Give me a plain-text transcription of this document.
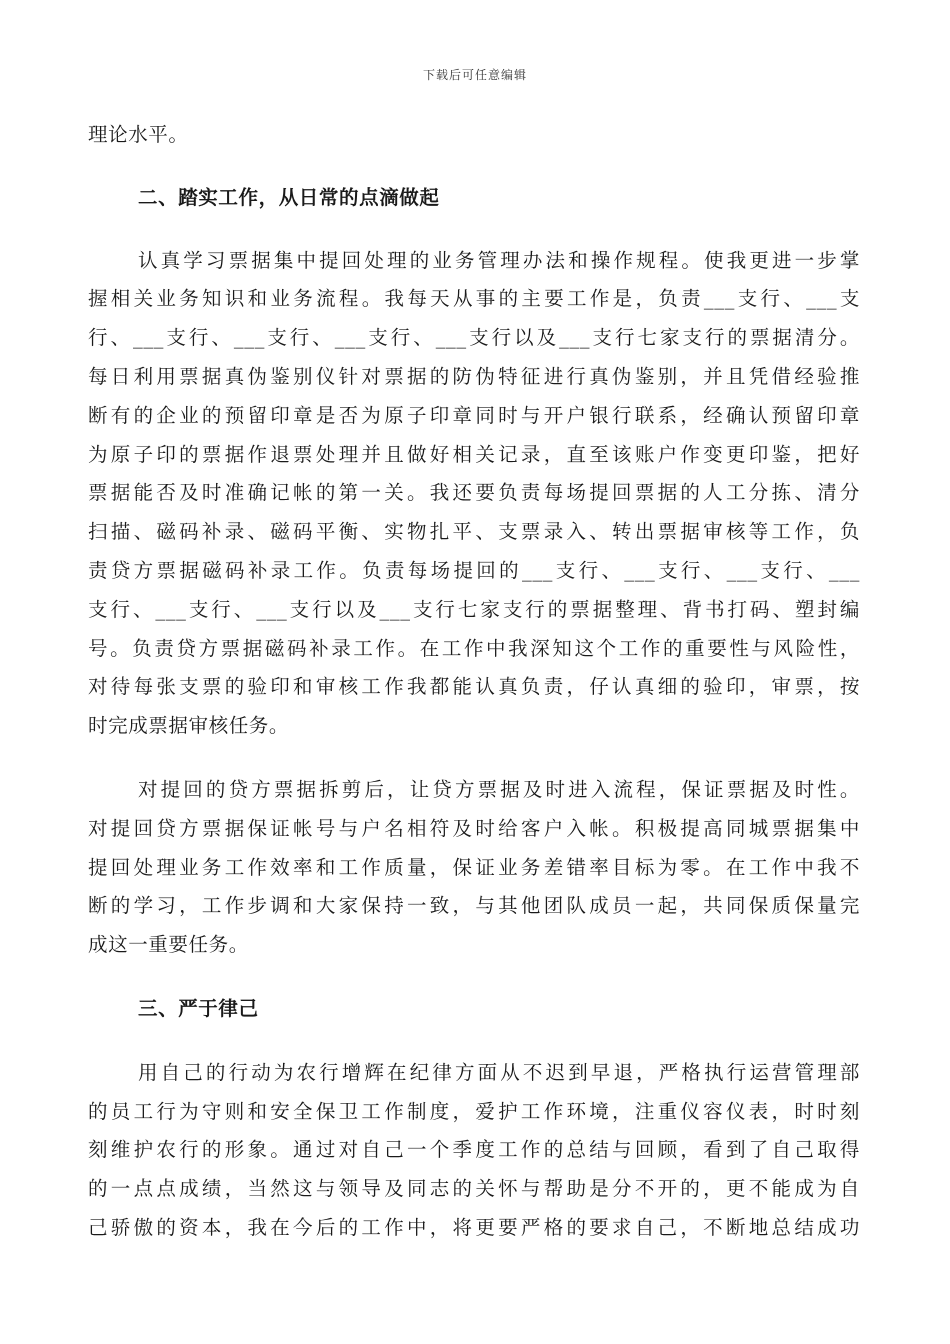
下载后可任意编辑
理论水平。
二、踏实工作，从日常的点滴做起
认真学习票据集中提回处理的业务管理办法和操作规程。使我更进一步掌
握相关业务知识和业务流程。我每天从事的主要工作是，负责___支行、___支
行、___支行、___支行、___支行、___支行以及___支行七家支行的票据清分。
每日利用票据真伪鉴别仪针对票据的防伪特征进行真伪鉴别，并且凭借经验推
断有的企业的预留印章是否为原子印章同时与开户银行联系，经确认预留印章
为原子印的票据作退票处理并且做好相关记录，直至该账户作变更印鉴，把好
票据能否及时准确记帐的第一关。我还要负责每场提回票据的人工分拣、清分
扫描、磁码补录、磁码平衡、实物扎平、支票录入、转出票据审核等工作，负
责贷方票据磁码补录工作。负责每场提回的___支行、___支行、___支行、___
支行、___支行、___支行以及___支行七家支行的票据整理、背书打码、塑封编
号。负责贷方票据磁码补录工作。在工作中我深知这个工作的重要性与风险性，
对待每张支票的验印和审核工作我都能认真负责，仔认真细的验印，审票，按
时完成票据审核任务。
对提回的贷方票据拆剪后，让贷方票据及时进入流程，保证票据及时性。
对提回贷方票据保证帐号与户名相符及时给客户入帐。积极提高同城票据集中
提回处理业务工作效率和工作质量，保证业务差错率目标为零。在工作中我不
断的学习，工作步调和大家保持一致，与其他团队成员一起，共同保质保量完
成这一重要任务。
三、严于律己
用自己的行动为农行增辉在纪律方面从不迟到早退，严格执行运营管理部
的员工行为守则和安全保卫工作制度，爱护工作环境，注重仪容仪表，时时刻
刻维护农行的形象。通过对自己一个季度工作的总结与回顾，看到了自己取得
的一点点成绩，当然这与领导及同志的关怀与帮助是分不开的，更不能成为自
己骄傲的资本，我在今后的工作中，将更要严格的要求自己，不断地总结成功
